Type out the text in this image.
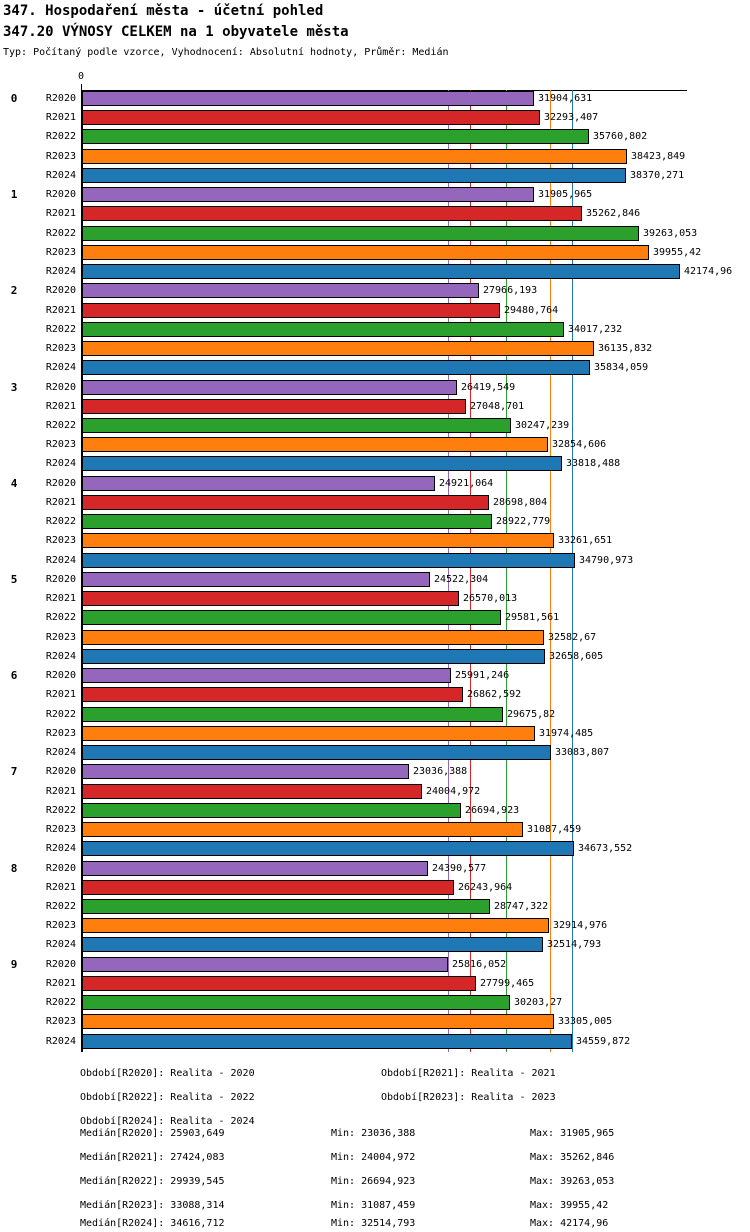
347. Hospodaření města - účetní pohled
347.20 VÝNOSY CELKEM na 1 obyvatele města
Typ: Počítaný podle vzorce, Vyhodnocení: Absolutní hodnoty, Průměr: Medián
0
0	R2020	31904,631
R2021	32293,407
R2022	35760,802
R2023	38423,849
R2024	38370,271
1	R2020	31905,965
R2021	35262,846
R2022	39263,053
R2023	39955,42
R2024	42174,96
2	R2020	27966,193
R2021	29480,764
R2022	34017,232
R2023	36135,832
R2024	35834,059
3	R2020	26419,549
R2021	27048,701
R2022	30247,239
R2023	32854,606
R2024	33818,488
4	R2020	24921,064
R2021	28698,804
R2022	28922,779
R2023	33261,651
R2024	34790,973
5	R2020	24522,304
R2021	26570,013
R2022	29581,561
R2023	32582,67
R2024	32658,605
6	R2020	25991,246
R2021	26862,592
R2022	29675,82
R2023	31974,485
R2024	33083,807
7	R2020	23036,388
R2021	24004,972
R2022	26694,923
R2023	31087,459
R2024	34673,552
8	R2020	24390,577
R2021	26243,964
R2022	28747,322
R2023	32914,976
R2024	32514,793
9	R2020	25816,052
R2021	27799,465
R2022	30203,27
R2023	33305,005
R2024	34559,872
Období[R2020]: Realita - 2020	Období[R2021]: Realita - 2021
Období[R2022]: Realita - 2022	Období[R2023]: Realita - 2023
Období[R2024]: Realita - 2024
Medián[R2020]: 25903,649	Min: 23036,388	Max: 31905,965
Medián[R2021]: 27424,083	Min: 24004,972	Max: 35262,846
Medián[R2022]: 29939,545	Min: 26694,923	Max: 39263,053
Medián[R2023]: 33088,314	Min: 31087,459	Max: 39955,42
Medián[R2024]: 34616,712	Min: 32514,793	Max: 42174,96
